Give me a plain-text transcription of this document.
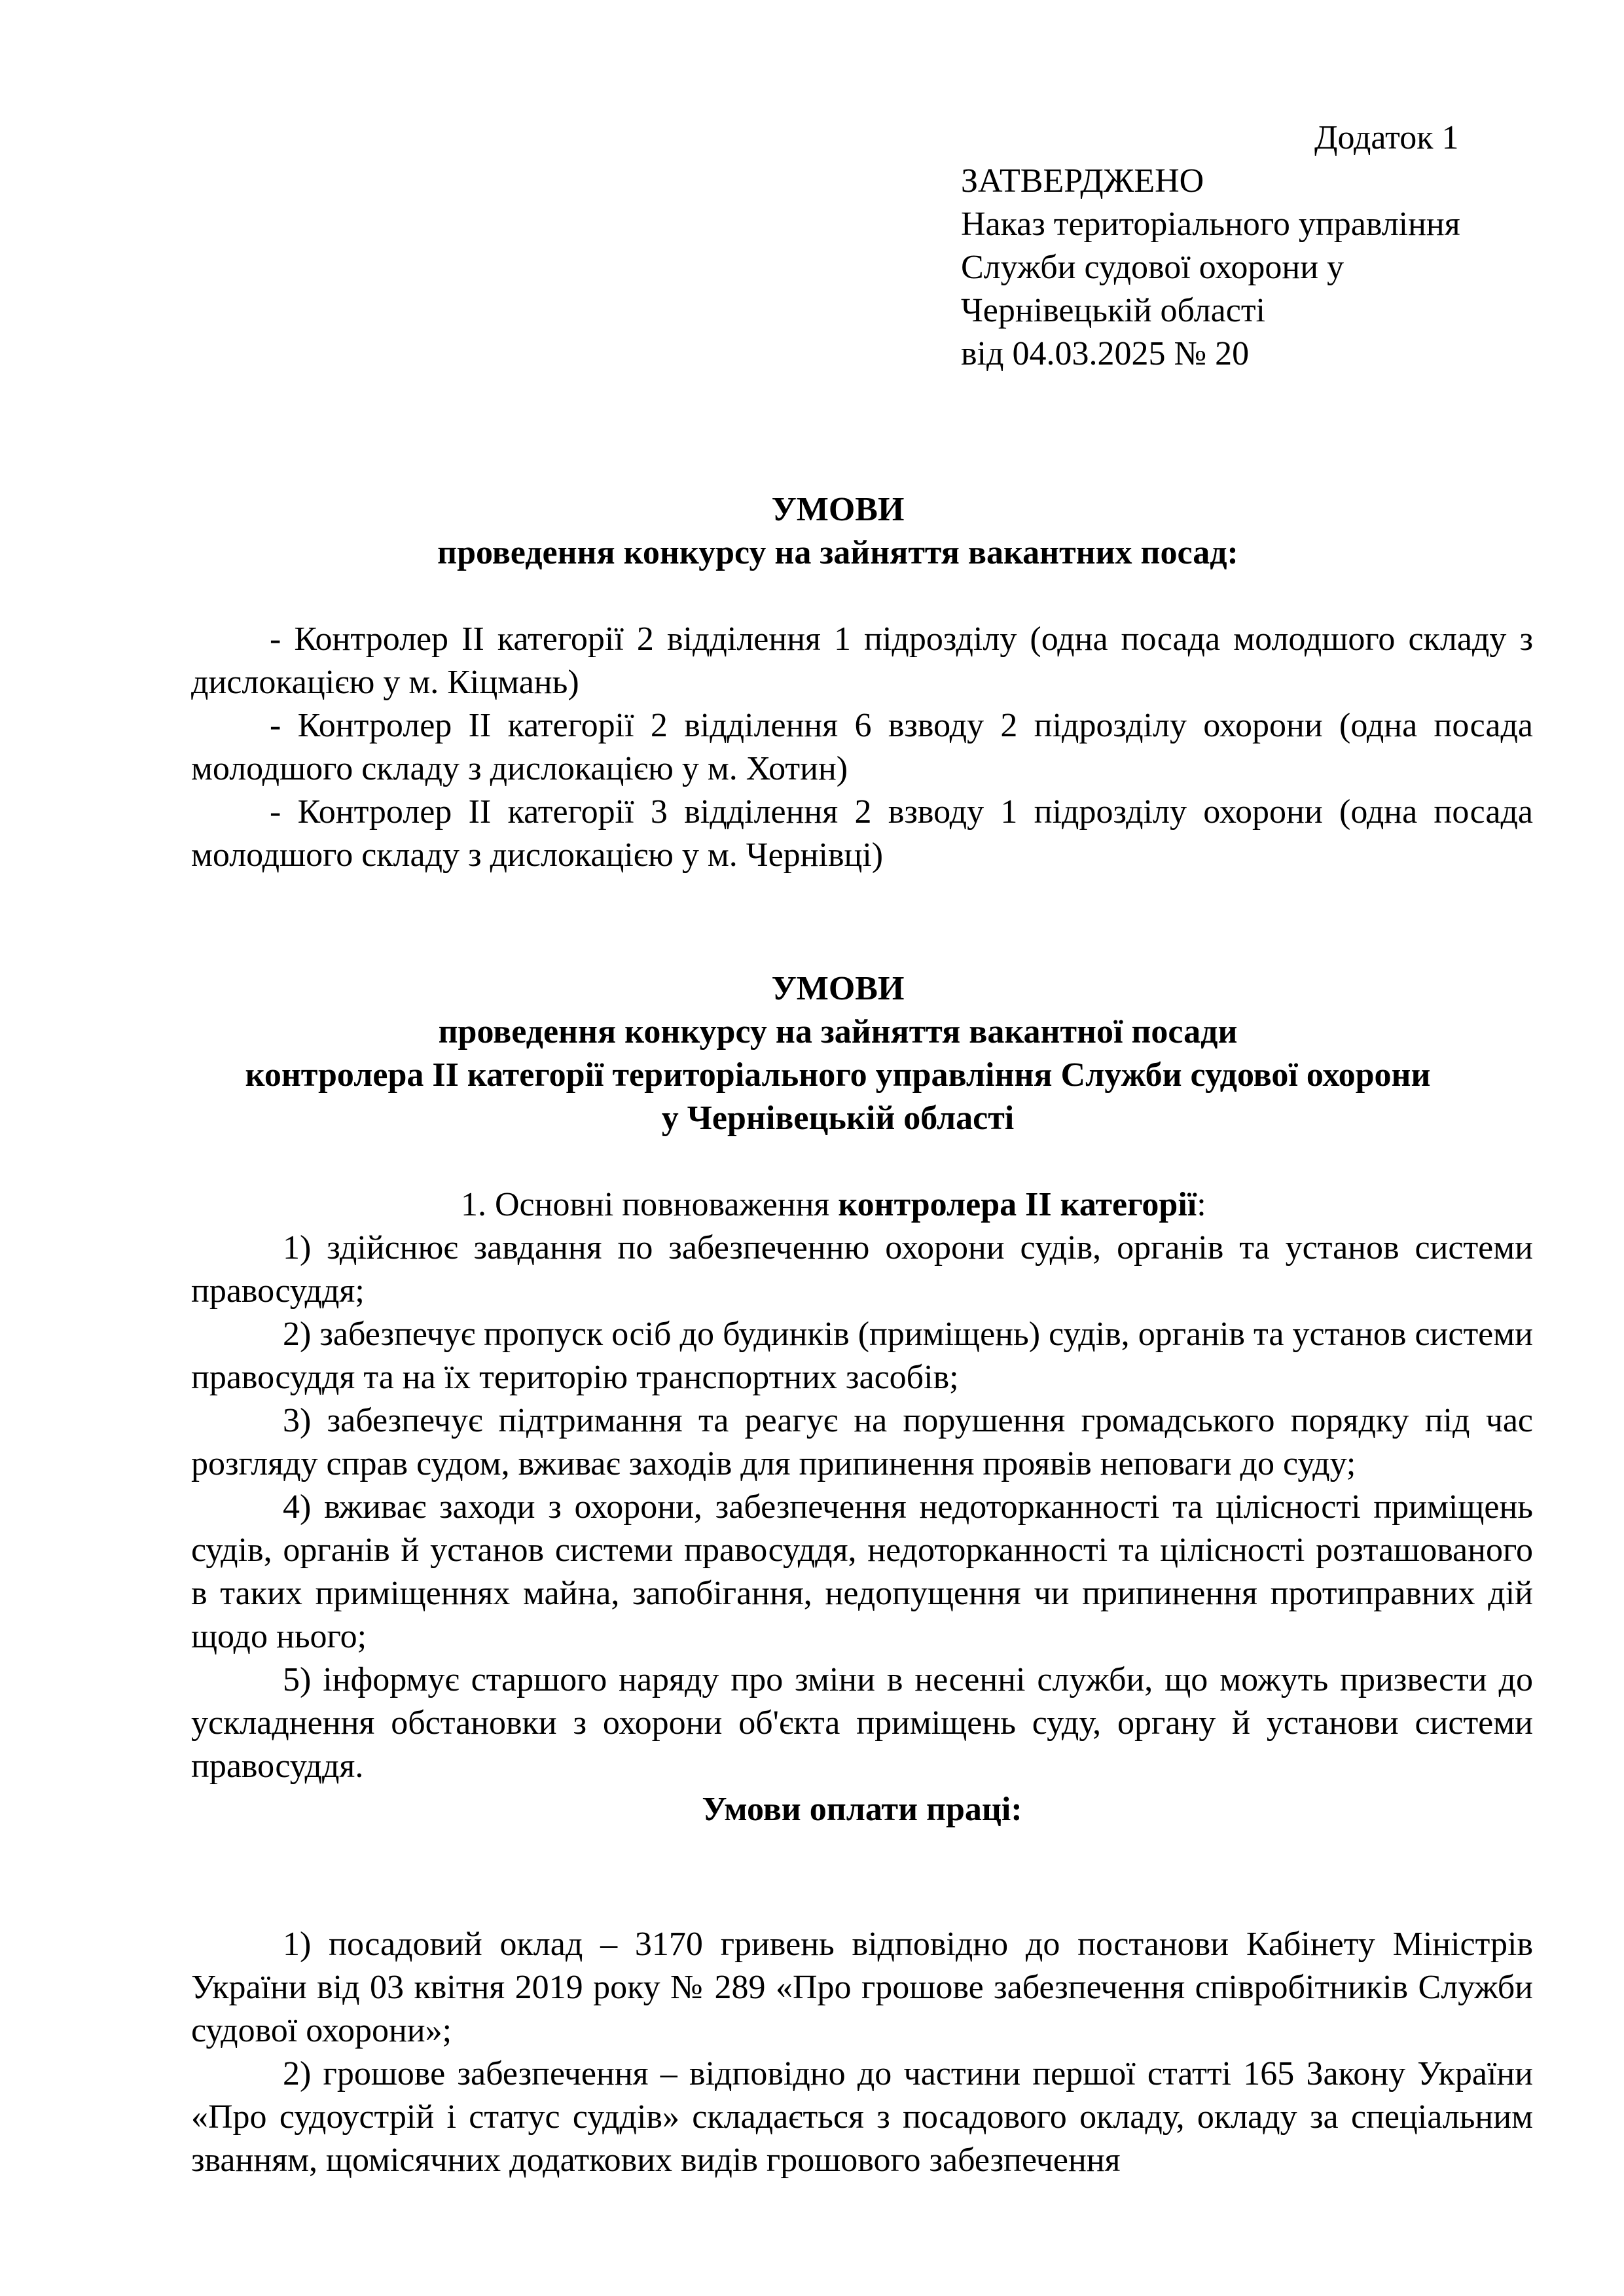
Додаток 1
ЗАТВЕРДЖЕНО
Наказ територіального управління
Служби судової охорони у
Чернівецькій області
від 04.03.2025 № 20
УМОВИ
проведення конкурсу на зайняття вакантних посад:

- Контролер ІІ категорії 2 відділення 1 підрозділу (одна посада молодшого складу з дислокацією у м. Кіцмань)

- Контролер ІІ категорії 2 відділення 6 взводу 2 підрозділу охорони (одна посада молодшого складу з дислокацією у м. Хотин)

- Контролер ІІ категорії 3 відділення 2 взводу 1 підрозділу охорони (одна посада молодшого складу з дислокацією у м. Чернівці)

УМОВИ
проведення конкурсу на зайняття вакантної посади
контролера ІІ категорії територіального управління Служби судової охорони
у Чернівецькій області

1. Основні повноваження контролера ІІ категорії:

1) здійснює завдання по забезпеченню охорони судів, органів та установ системи правосуддя;

2) забезпечує пропуск осіб до будинків (приміщень) судів, органів та установ системи правосуддя та на їх територію транспортних засобів;

3) забезпечує підтримання та реагує на порушення громадського порядку під час розгляду справ судом, вживає заходів для припинення проявів неповаги до суду;

4) вживає заходи з охорони, забезпечення недоторканності та цілісності приміщень судів, органів й установ системи правосуддя, недоторканності та цілісності розташованого в таких приміщеннях майна, запобігання, недопущення чи припинення протиправних дій щодо нього;

5) інформує старшого наряду про зміни в несенні служби, що можуть призвести до ускладнення обстановки з охорони об'єкта приміщень суду, органу й установи системи правосуддя.

Умови оплати праці:

1) посадовий оклад – 3170 гривень відповідно до постанови Кабінету Міністрів України від 03 квітня 2019 року № 289 «Про грошове забезпечення співробітників Служби судової охорони»;

2) грошове забезпечення – відповідно до частини першої статті 165 Закону України «Про судоустрій і статус суддів» складається з посадового окладу, окладу за спеціальним званням, щомісячних додаткових видів грошового забезпечення
